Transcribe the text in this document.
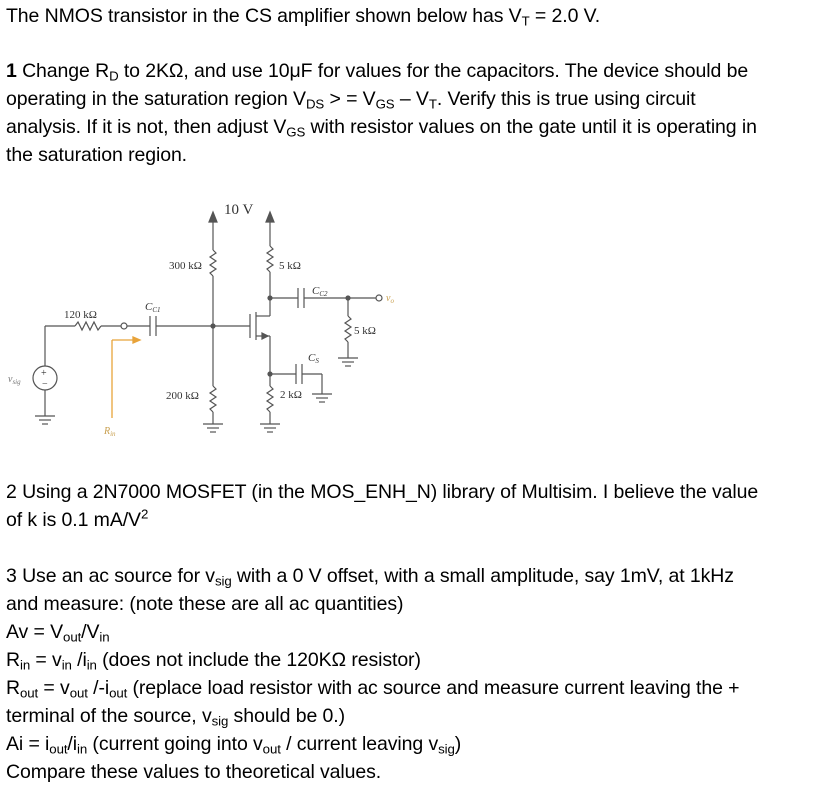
The NMOS transistor in the CS amplifier shown below has $V_T = 2.0$ V.
1 Change $R_D$ to 2KΩ, and use 10μF for values for the capacitors. The device should be
operating in the saturation region $V_{DS}$ > = $V_{GS} - V_T$. Verify this is true using circuit
analysis. If it is not, then adjust $V_{GS}$ with resistor values on the gate until it is operating in
the saturation region.
10 V
300 kΩ
200 kΩ
5 kΩ
2 kΩ
5 kΩ
120 kΩ
CC1
CC2
CS
$v_{sig}$
$v_o$
$R_{in}$
+
−
2 Using a 2N7000 MOSFET (in the MOS_ENH_N) library of Multisim. I believe the value
of k is 0.1 $mA/V^2$
3 Use an ac source for $v_{sig}$ with a 0 V offset, with a small amplitude, say 1mV, at 1kHz
and measure: (note these are all ac quantities)
$Av = V_{out}/V_{in}$
$R_{in} = v_{in}$ $/i_{in}$ (does not include the 120KΩ resistor)
$R_{out} = v_{out}$ $/-i_{out}$ (replace load resistor with ac source and measure current leaving the +
terminal of the source, $v_{sig}$ should be 0.)
$Ai = i_{out}/i_{in}$ (current going into $v_{out}$ / current leaving $v_{sig}$)
Compare these values to theoretical values.
